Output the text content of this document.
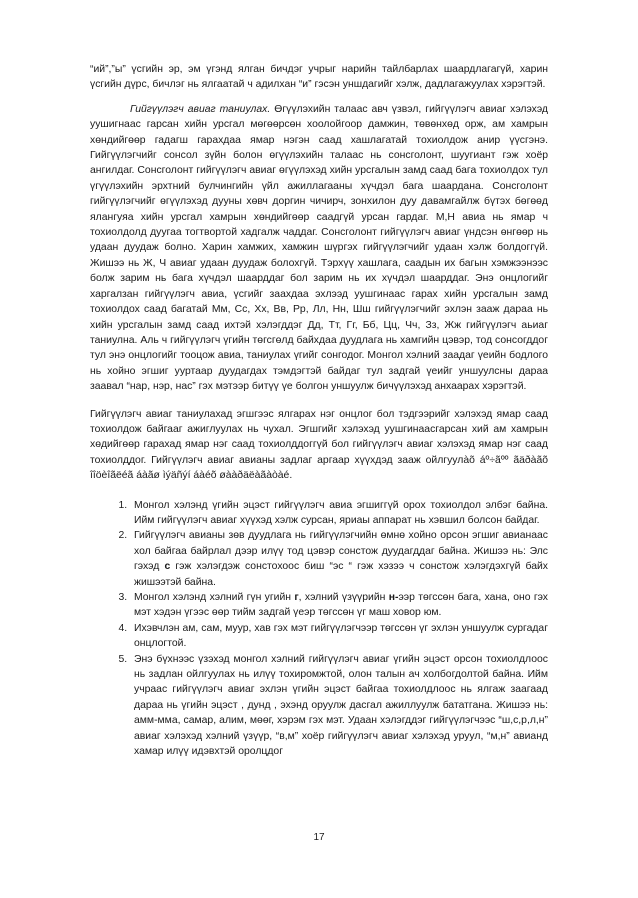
“ий”,”ы” үсгийн эр, эм үгэнд ялган бичдэг учрыг нарийн тайлбарлах шаардлагагүй, харин үсгийн дүрс, бичлэг нь ялгаатай ч адилхан “и” гэсэн уншдагийг хэлж, дадлагажуулах хэрэгтэй.

Гийгүүлэгч авиаг таниулах. Өгүүлэхийн талаас авч үзвэл, гийгүүлэгч авиаг хэлэхэд уушигнаас гарсан хийн урсгал мөгөөрсөн хоолойгоор дамжин, төвөнхөд орж, ам хамрын хөндийгөөр гадагш гарахдаа ямар нэгэн саад хашлагатай тохиолдож анир үүсгэнэ. Гийгүүлэгчийг сонсол зүйн болон өгүүлэхийн талаас нь сонсголонт, шуугиант гэж хоёр ангилдаг. Сонсголонт гийгүүлэгч авиаг өгүүлэхэд хийн урсгалын замд саад бага тохиолдох тул үгүүлэхийн эрхтний булчингийн үйл ажиллагааны хүчдэл бага шаардана. Сонсголонт гийгүүлэгчийг өгүүлэхэд дууны хөвч доргин чичирч, зонхилон дуу давамгайлж бүтэх бөгөөд ялангуяа хийн урсгал хамрын хөндийгөөр саадгүй урсан гардаг. М,Н авиа нь ямар ч тохиолдолд дуугаа тогтвортой хадгалж чаддаг. Сонсголонт гийгүүлэгч авиаг үндсэн өнгөөр нь удаан дуудаж болно. Харин хамжих, хамжин шүргэх гийгүүлэгчийг удаан хэлж болдоггүй. Жишээ нь Ж, Ч авиаг удаан дуудаж болохгүй. Тэрхүү хашлага, саадын их багын хэмжээнээс болж зарим нь бага хүчдэл шаарддаг бол зарим нь их хүчдэл шаарддаг. Энэ онцлогийг харгалзан гийгүүлэгч авиа, үсгийг заахдаа эхлээд уушгинаас гарах хийн урсгалын замд тохиолдох саад багатай Мм, Сс, Хх, Вв, Рр, Лл, Нн, Шш гийгүүлэгчийг эхлэн зааж дараа нь хийн урсгалын замд саад ихтэй хэлэгддэг Дд, Тт, Гг, Бб, Цц, Чч, Зз, Жж гийгүүлэгч аьиаг таниулна. Аль ч гийгүүлэгч үгийн төгсгөлд байхдаа дуудлага нь хамгийн цэвэр, тод сонсогддог тул энэ онцлогийг тооцож авиа, таниулах үгийг сонгодог. Монгол хэлний заадаг үеийн бодлого нь хойно эгшиг ууртаар дуудагдах тэмдэгтэй байдаг тул задгай үеийг уншуулсны дараа заавал “нар, нэр, нас” гэх мэтээр битүү үе болгон уншуулж бичүүлэхэд анхаарах хэрэгтэй.

Гийгүүлэгч авиаг таниулахад эгшгээс ялгарах нэг онцлог бол тэдгээрийг хэлэхэд ямар саад тохиолдож байгааг ажиглуулах нь чухал. Эгшгийг хэлэхэд уушгинаасгарсан хий ам хамрын хөдийгөөр гарахад ямар нэг саад тохиолддоггүй бол гийгүүлэгч авиаг хэлэхэд ямар нэг саад тохиолддог. Гийгүүлэгч авиаг авианы задлаг аргаар хүүхдэд зааж ойлгуулàõ áº÷ãºº ãäðàãõ îîöèîãëéã áàãø ìýäñýí áàéõ øààðäëàãàòàé.

1. Монгол хэлэнд үгийн эцэст гийгүүлэгч авиа эгшиггүй орох тохиолдол элбэг байна. Ийм гийгүүлэгч авиаг хүүхэд хэлж сурсан, яриаы аппарат нь хэвшил болсон байдаг.
2. Гийгүүлэгч авианы зөв дуудлага нь гийгүүлэгчийн өмнө хойно орсон эгшиг авианаас хол байгаа байрлал дээр илүү тод цэвэр сонстож дуудагддаг байна. Жишээ нь: Элс гэхэд с гэж хэлэгдэж сонстохоос биш “эс “ гэж хэзээ ч сонстож хэлэгдэхгүй байх жишээтэй байна.
3. Монгол хэлэнд хэлний гүн угийн г, хэлний үзүүрийн н-ээр төгссөн бага, хана, оно гэх мэт хэдэн үгээс өөр тийм задгай үеэр төгссөн үг маш ховор юм.
4. Ихэвчлэн ам, сам, муур, хав гэх мэт гийгүүлэгчээр төгссөн үг эхлэн уншуулж сургадаг онцлогтой.
5. Энэ бүхнээс үзэхэд монгол хэлний гийгүүлэгч авиаг үгийн эцэст орсон тохиолдлоос нь задлан ойлгуулах нь илүү тохиромжтой, олон талын ач холбогдолтой байна. Ийм учраас гийгүүлэгч авиаг эхлэн үгийн эцэст байгаа тохиолдлоос нь ялгаж заагаад дараа нь үгийн эцэст , дунд , эхэнд оруулж дасгал ажиллуулж бататгана. Жишээ нь: амм-мма, самар, алим, мөөг, хэрэм гэх мэт. Удаан хэлэгддэг гийгүүлэгчээс “ш,с,р,л,н” авиаг хэлэхэд хэлний үзүүр, “в,м” хоёр гийгүүлэгч авиаг хэлэхэд уруул, “м,н” авианд хамар илүү идэвхтэй оролцдог
17
